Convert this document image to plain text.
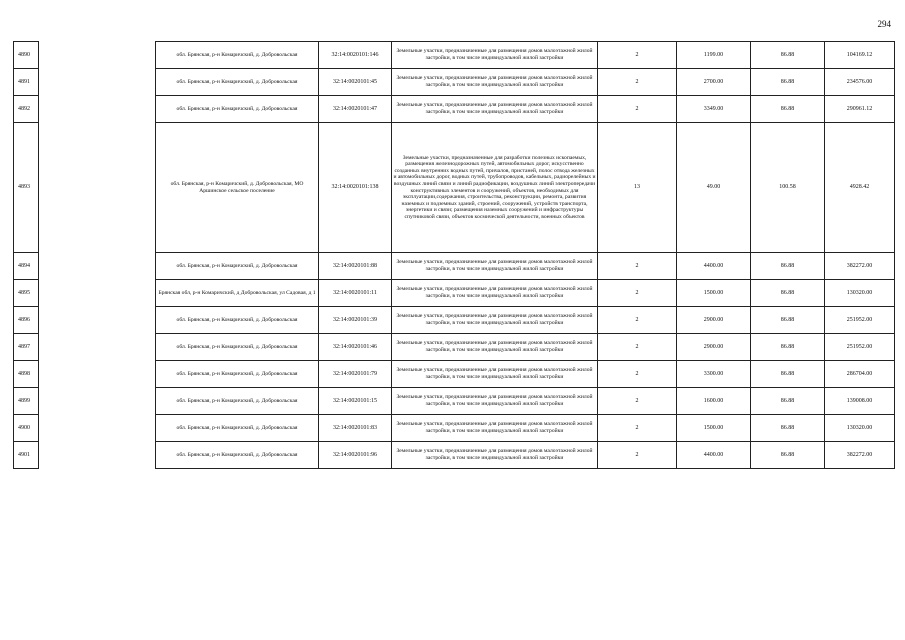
294
4890		обл. Брянская, р-н Комаричский, д. Добровольская	32:14:0020101:146	Земельные участки, предназначенные для размещения домов малоэтажной жилой застройки, в том числе индивидуальной жилой застройки	2	1199.00	86.88	104169.12
4891		обл. Брянская, р-н Комаричский, д. Добровольская	32:14:0020101:45	Земельные участки, предназначенные для размещения домов малоэтажной жилой застройки, в том числе индивидуальной жилой застройки	2	2700.00	86.88	234576.00
4892		обл. Брянская, р-н Комаричский, д. Добровольская	32:14:0020101:47	Земельные участки, предназначенные для размещения домов малоэтажной жилой застройки, в том числе индивидуальной жилой застройки	2	3349.00	86.88	290961.12
4893		обл. Брянская, р-н Комаричский, д. Добровольская, МО Аршинское сельское поселение	32:14:0020101:138	Земельные участки, предназначенные для разработки полезных ископаемых, размещения железнодорожных путей, автомобильных дорог, искусственно созданных внутренних водных путей, причалов, пристаней, полос отвода железных и автомобильных дорог, водных путей, трубопроводов, кабельных, радиорелейных и воздушных линий связи и линий радиофикации, воздушных линий электропередачи конструктивных элементов и сооружений, объектов, необходимых для эксплуатации,содержания, строительства, реконструкции, ремонта, развития наземных и подземных зданий, строений, сооружений, устройств транспорта, энергетики и связи; размещения наземных сооружений и инфраструктуры спутниковой связи, объектов космической деятельности, военных объектов	13	49.00	100.58	4928.42
4894		обл. Брянская, р-н Комаричский, д. Добровольская	32:14:0020101:88	Земельные участки, предназначенные для размещения домов малоэтажной жилой застройки, в том числе индивидуальной жилой застройки	2	4400.00	86.88	382272.00
4895		Брянская обл, р-н Комаричский, д Добровольская, ул Садовая, д 1	32:14:0020101:11	Земельные участки, предназначенные для размещения домов малоэтажной жилой застройки, в том числе индивидуальной жилой застройки	2	1500.00	86.88	130320.00
4896		обл. Брянская, р-н Комаричский, д. Добровольская	32:14:0020101:39	Земельные участки, предназначенные для размещения домов малоэтажной жилой застройки, в том числе индивидуальной жилой застройки	2	2900.00	86.88	251952.00
4897		обл. Брянская, р-н Комаричский, д. Добровольская	32:14:0020101:46	Земельные участки, предназначенные для размещения домов малоэтажной жилой застройки, в том числе индивидуальной жилой застройки	2	2900.00	86.88	251952.00
4898		обл. Брянская, р-н Комаричский, д. Добровольская	32:14:0020101:79	Земельные участки, предназначенные для размещения домов малоэтажной жилой застройки, в том числе индивидуальной жилой застройки	2	3300.00	86.88	286704.00
4899		обл. Брянская, р-н Комаричский, д. Добровольская	32:14:0020101:15	Земельные участки, предназначенные для размещения домов малоэтажной жилой застройки, в том числе индивидуальной жилой застройки	2	1600.00	86.88	139008.00
4900		обл. Брянская, р-н Комаричский, д. Добровольская	32:14:0020101:83	Земельные участки, предназначенные для размещения домов малоэтажной жилой застройки, в том числе индивидуальной жилой застройки	2	1500.00	86.88	130320.00
4901		обл. Брянская, р-н Комаричский, д. Добровольская	32:14:0020101:96	Земельные участки, предназначенные для размещения домов малоэтажной жилой застройки, в том числе индивидуальной жилой застройки	2	4400.00	86.88	382272.00
